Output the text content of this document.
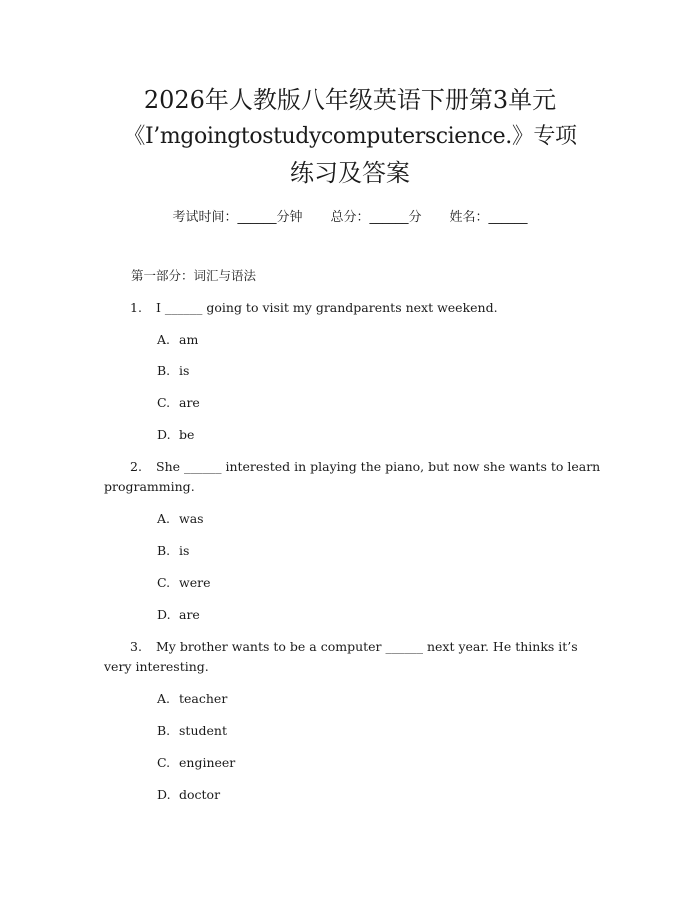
2026年人教版八年级英语下册第3单元
《I’mgoingtostudycomputerscience.》专项
练习及答案
考试时间：______分钟 总分：______分 姓名：______
第一部分：词汇与语法
1. I ______ going to visit my grandparents next weekend.
A. am
B. is
C. are
D. be
2. She ______ interested in playing the piano, but now she wants to learn programming.
A. was
B. is
C. were
D. are
3. My brother wants to be a computer ______ next year. He thinks it’s very interesting.
A. teacher
B. student
C. engineer
D. doctor
